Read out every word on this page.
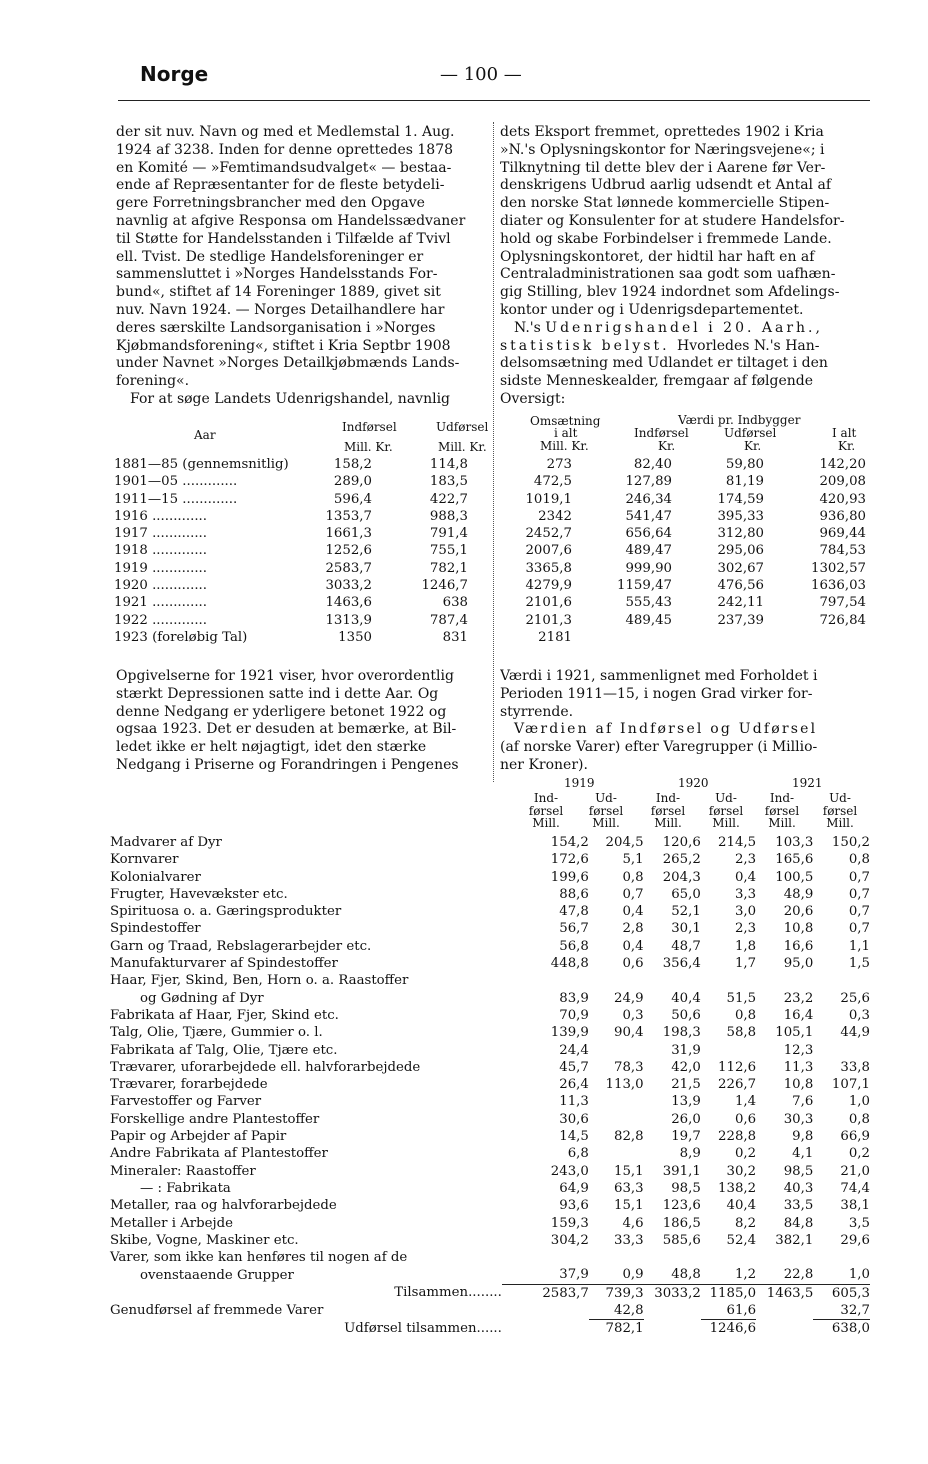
Norge	— 100 —
der sit nuv. Navn og med et Medlemstal 1. Aug.
1924 af 3238. Inden for denne oprettedes 1878
en Komité — »Femtimandsudvalget« — bestaa-
ende af Repræsentanter for de fleste betydeli-
gere Forretningsbrancher med den Opgave
navnlig at afgive Responsa om Handelssædvaner
til Støtte for Handelsstanden i Tilfælde af Tvivl
ell. Tvist. De stedlige Handelsforeninger er
sammensluttet i »Norges Handelsstands For-
bund«, stiftet af 14 Foreninger 1889, givet sit
nuv. Navn 1924. — Norges Detailhandlere har
deres særskilte Landsorganisation i »Norges
Kjøbmandsforening«, stiftet i Kria Septbr 1908
under Navnet »Norges Detailkjøbmænds Lands-
forening«.
For at søge Landets Udenrigshandel, navnlig
dets Eksport fremmet, oprettedes 1902 i Kria
»N.'s Oplysningskontor for Næringsvejene«; i
Tilknytning til dette blev der i Aarene før Ver-
denskrigens Udbrud aarlig udsendt et Antal af
den norske Stat lønnede kommercielle Stipen-
diater og Konsulenter for at studere Handelsfor-
hold og skabe Forbindelser i fremmede Lande.
Oplysningskontoret, der hidtil har haft en af
Centraladministrationen saa godt som uafhæn-
gig Stilling, blev 1924 indordnet som Afdelings-
kontor under og i Udenrigsdepartementet.
N.'s Udenrigshandel i 20. Aarh.,
statistisk belyst. Hvorledes N.'s Han-
delsomsætning med Udlandet er tiltaget i den
sidste Menneskealder, fremgaar af følgende
Oversigt:
Aar
Indførsel	Udførsel
Mill. Kr.	Mill. Kr.
Omsætning
i alt
Mill. Kr.
Værdi pr. Indbygger
Indførsel	Udførsel	I alt
Kr.	Kr.	Kr.
1881—85 (gennemsnitlig)	158,2	114,8	273	82,40	59,80	142,20
1901—05 .............	289,0	183,5	472,5	127,89	81,19	209,08
1911—15 .............	596,4	422,7	1019,1	246,34	174,59	420,93
1916 .............	1353,7	988,3	2342	541,47	395,33	936,80
1917 .............	1661,3	791,4	2452,7	656,64	312,80	969,44
1918 .............	1252,6	755,1	2007,6	489,47	295,06	784,53
1919 .............	2583,7	782,1	3365,8	999,90	302,67	1302,57
1920 .............	3033,2	1246,7	4279,9	1159,47	476,56	1636,03
1921 .............	1463,6	638	2101,6	555,43	242,11	797,54
1922 .............	1313,9	787,4	2101,3	489,45	237,39	726,84
1923 (foreløbig Tal)	1350	831	2181			
Opgivelserne for 1921 viser, hvor overordentlig
stærkt Depressionen satte ind i dette Aar. Og
denne Nedgang er yderligere betonet 1922 og
ogsaa 1923. Det er desuden at bemærke, at Bil-
ledet ikke er helt nøjagtigt, idet den stærke
Nedgang i Priserne og Forandringen i Pengenes
Værdi i 1921, sammenlignet med Forholdet i
Perioden 1911—15, i nogen Grad virker for-
styrrende.
Værdien af Indførsel og Udførsel
(af norske Varer) efter Varegrupper (i Millio-
ner Kroner).
1919	1920	1921
Ind-
førsel
Mill.
Ud-
førsel
Mill.
Ind-
førsel
Mill.
Ud-
førsel
Mill.
Ind-
førsel
Mill.
Ud-
førsel
Mill.
Madvarer af Dyr	154,2	204,5	120,6	214,5	103,3	150,2
Kornvarer	172,6	5,1	265,2	2,3	165,6	0,8
Kolonialvarer	199,6	0,8	204,3	0,4	100,5	0,7
Frugter, Havevækster etc.	88,6	0,7	65,0	3,3	48,9	0,7
Spirituosa o. a. Gæringsprodukter	47,8	0,4	52,1	3,0	20,6	0,7
Spindestoffer	56,7	2,8	30,1	2,3	10,8	0,7
Garn og Traad, Rebslagerarbejder etc.	56,8	0,4	48,7	1,8	16,6	1,1
Manufakturvarer af Spindestoffer	448,8	0,6	356,4	1,7	95,0	1,5
Haar, Fjer, Skind, Ben, Horn o. a. Raastoffer						
og Gødning af Dyr	83,9	24,9	40,4	51,5	23,2	25,6
Fabrikata af Haar, Fjer, Skind etc.	70,9	0,3	50,6	0,8	16,4	0,3
Talg, Olie, Tjære, Gummier o. l.	139,9	90,4	198,3	58,8	105,1	44,9
Fabrikata af Talg, Olie, Tjære etc.	24,4		31,9		12,3	
Trævarer, uforarbejdede ell. halvforarbejdede	45,7	78,3	42,0	112,6	11,3	33,8
Trævarer, forarbejdede	26,4	113,0	21,5	226,7	10,8	107,1
Farvestoffer og Farver	11,3		13,9	1,4	7,6	1,0
Forskellige andre Plantestoffer	30,6		26,0	0,6	30,3	0,8
Papir og Arbejder af Papir	14,5	82,8	19,7	228,8	9,8	66,9
Andre Fabrikata af Plantestoffer	6,8		8,9	0,2	4,1	0,2
Mineraler: Raastoffer	243,0	15,1	391,1	30,2	98,5	21,0
— : Fabrikata	64,9	63,3	98,5	138,2	40,3	74,4
Metaller, raa og halvforarbejdede	93,6	15,1	123,6	40,4	33,5	38,1
Metaller i Arbejde	159,3	4,6	186,5	8,2	84,8	3,5
Skibe, Vogne, Maskiner etc.	304,2	33,3	585,6	52,4	382,1	29,6
Varer, som ikke kan henføres til nogen af de						
ovenstaaende Grupper	37,9	0,9	48,8	1,2	22,8	1,0
Tilsammen........	2583,7	739,3	3033,2	1185,0	1463,5	605,3
Genudførsel af fremmede Varer		42,8		61,6		32,7
Udførsel tilsammen......		782,1		1246,6		638,0
